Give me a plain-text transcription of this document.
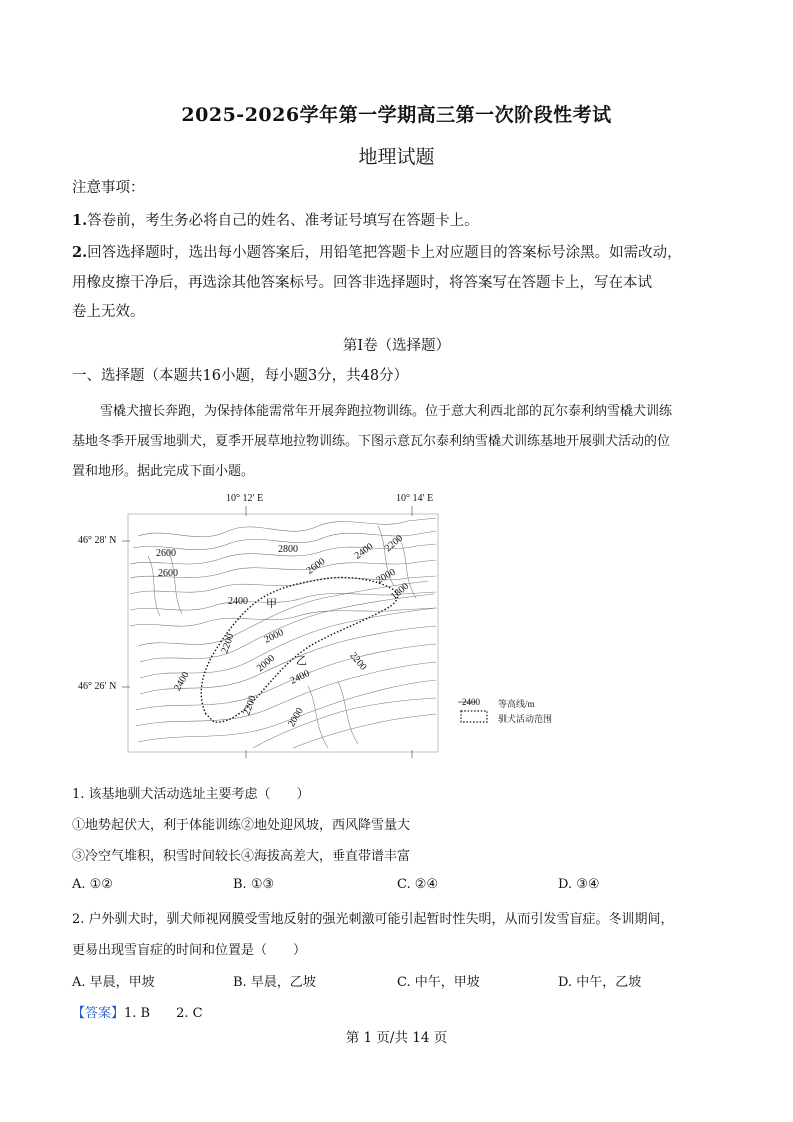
2025-2026学年第一学期高三第一次阶段性考试
地理试题
注意事项：
1.答卷前，考生务必将自己的姓名、准考证号填写在答题卡上。
2.回答选择题时，选出每小题答案后，用铅笔把答题卡上对应题目的答案标号涂黑。如需改动，
用橡皮擦干净后，再选涂其他答案标号。回答非选择题时，将答案写在答题卡上，写在本试
卷上无效。
第Ⅰ卷（选择题）
一、选择题（本题共16小题，每小题3分，共48分）
雪橇犬擅长奔跑，为保持体能需常年开展奔跑拉物训练。位于意大利西北部的瓦尔泰利纳雪橇犬训练
基地冬季开展雪地驯犬，夏季开展草地拉物训练。下图示意瓦尔泰利纳雪橇犬训练基地开展驯犬活动的位
置和地形。据此完成下面小题。
10° 12′ E	10° 14′ E
46° 28′ N
46° 26′ N
2600
2600
2800
2600
2400 2200
2000
1800
2400
2200	2000
2000	2200
2400	2400
2200
2000
甲
乙
2400 等高线/m
驯犬活动范围
1. 该基地驯犬活动选址主要考虑（　　）
①地势起伏大，利于体能训练②地处迎风坡，西风降雪量大
③冷空气堆积，积雪时间较长④海拔高差大，垂直带谱丰富
A. ①②	B. ①③	C. ②④	D. ③④
2. 户外驯犬时，驯犬师视网膜受雪地反射的强光刺激可能引起暂时性失明，从而引发雪盲症。冬训期间，
更易出现雪盲症的时间和位置是（　　）
A. 早晨，甲坡	B. 早晨，乙坡	C. 中午，甲坡	D. 中午，乙坡
【答案】1. B　　2. C
第 1 页/共 14 页
